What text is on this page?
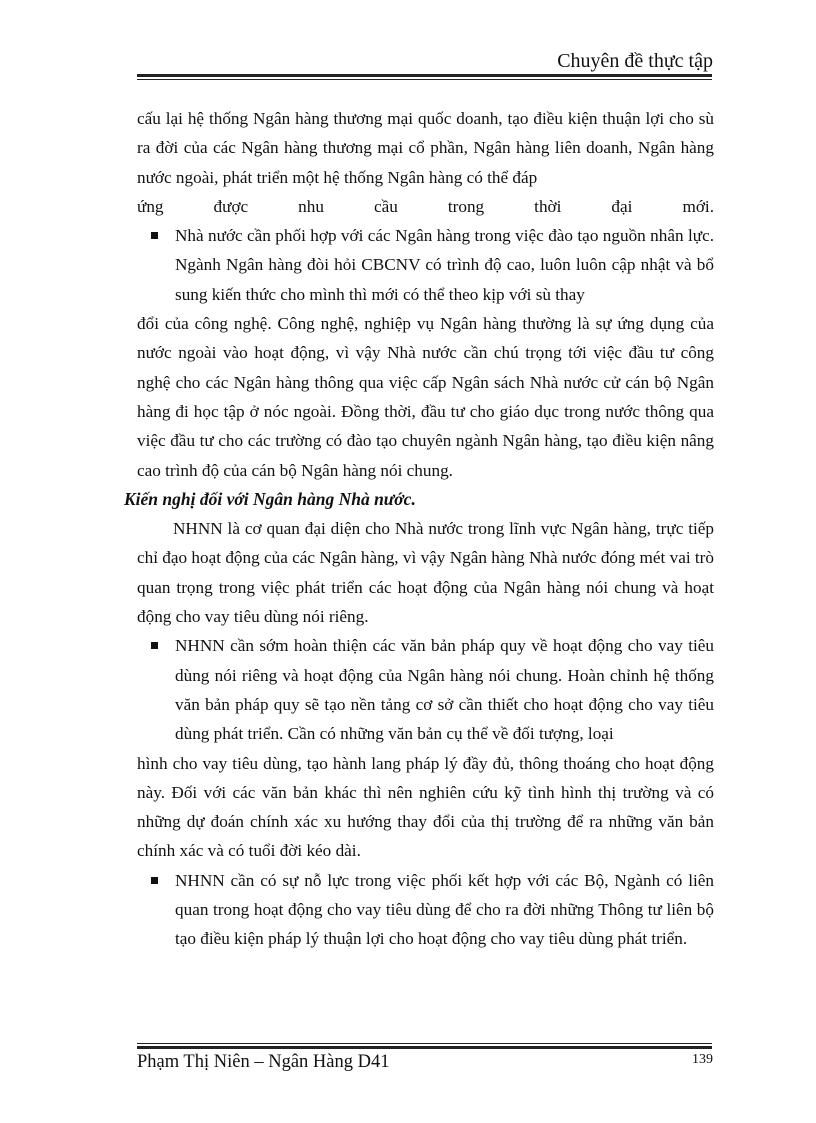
Chuyên đề thực tập

cấu lại hệ thống Ngân hàng thương mại quốc doanh, tạo điều kiện thuận lợi cho sù ra đời của các Ngân hàng thương mại cổ phần, Ngân hàng liên doanh, Ngân hàng nước ngoài, phát triển một hệ thống Ngân hàng có thể đáp

ứng được nhu cầu trong thời đại mới.

Nhà nước cần phối hợp với các Ngân hàng trong việc đào tạo nguồn nhân lực. Ngành Ngân hàng đòi hỏi CBCNV có trình độ cao, luôn luôn cập nhật và bổ sung kiến thức cho mình thì mới có thể theo kịp với sù thay

đổi của công nghệ. Công nghệ, nghiệp vụ Ngân hàng thường là sự ứng dụng của nước ngoài vào hoạt động, vì vậy Nhà nước cần chú trọng tới việc đầu tư công nghệ cho các Ngân hàng thông qua việc cấp Ngân sách Nhà nước cử cán bộ Ngân hàng đi học tập ở nóc ngoài. Đồng thời, đầu tư cho giáo dục trong nước thông qua việc đầu tư cho các trường có đào tạo chuyên ngành Ngân hàng, tạo điều kiện nâng cao trình độ của cán bộ Ngân hàng nói chung.

Kiến nghị đối với Ngân hàng Nhà nước.

NHNN là cơ quan đại diện cho Nhà nước trong lĩnh vực Ngân hàng, trực tiếp chỉ đạo hoạt động của các Ngân hàng, vì vậy Ngân hàng Nhà nước đóng mét vai trò quan trọng trong việc phát triển các hoạt động của Ngân hàng nói chung và hoạt động cho vay tiêu dùng nói riêng.

NHNN cần sớm hoàn thiện các văn bản pháp quy về hoạt động cho vay tiêu dùng nói riêng và hoạt động của Ngân hàng nói chung. Hoàn chỉnh hệ thống văn bản pháp quy sẽ tạo nền tảng cơ sở cần thiết cho hoạt động cho vay tiêu dùng phát triển. Cần có những văn bản cụ thể về đối tượng, loại

hình cho vay tiêu dùng, tạo hành lang pháp lý đầy đủ, thông thoáng cho hoạt động này. Đối với các văn bản khác thì nên nghiên cứu kỹ tình hình thị trường và có những dự đoán chính xác xu hướng thay đổi của thị trường để ra những văn bản chính xác và có tuổi đời kéo dài.

NHNN cần có sự nỗ lực trong việc phối kết hợp với các Bộ, Ngành có liên quan trong hoạt động cho vay tiêu dùng để cho ra đời những Thông tư liên bộ tạo điều kiện pháp lý thuận lợi cho hoạt động cho vay tiêu dùng phát triển.

Phạm Thị Niên – Ngân Hàng D41	139
